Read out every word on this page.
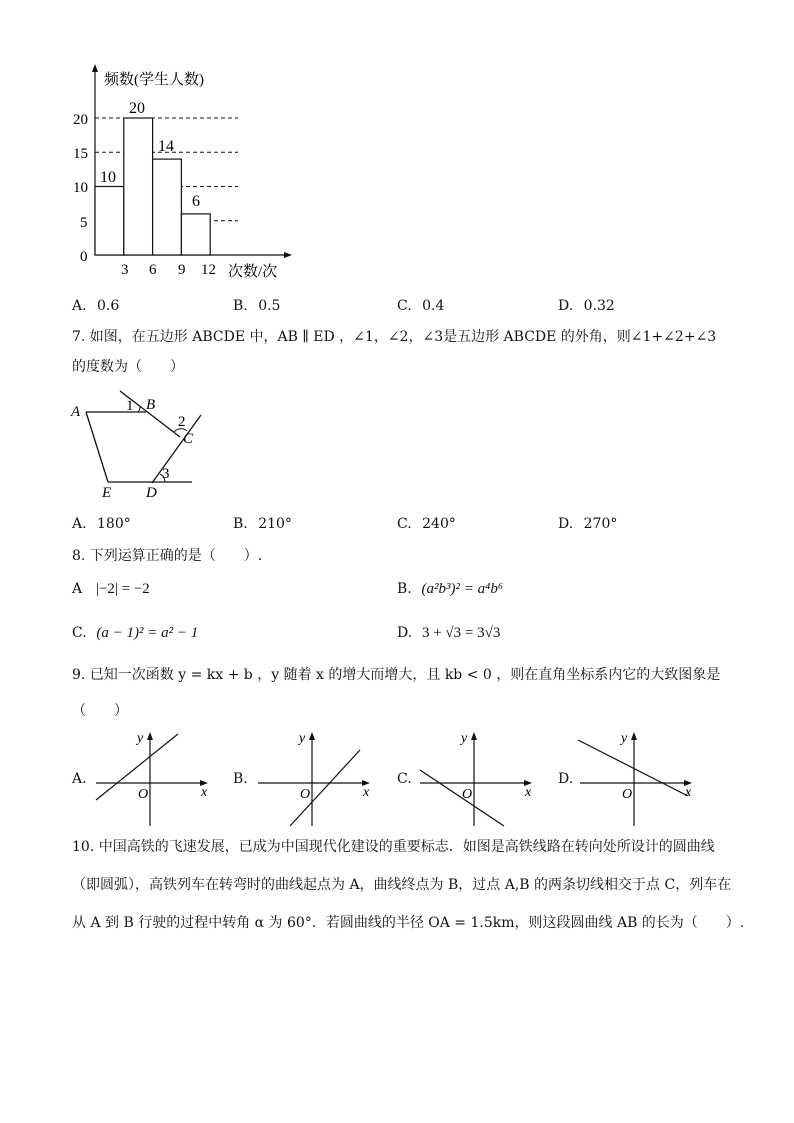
频数(学生人数)
次数/次
0
5
10
15
20
3 6 9 12
10
20
14
6
A. 0.6	B. 0.5	C. 0.4	D. 0.32
7. 如图，在五边形 ABCDE 中，AB ∥ ED ，∠1，∠2，∠3是五边形 ABCDE 的外角，则∠1+∠2+∠3
的度数为（　　）
A	B
C
D
E
1
2
3
A. 180°	B. 210°	C. 240°	D. 270°
8. 下列运算正确的是（　　）.
A |−2| = −2	B. (a²b³)² = a⁴b⁶
C. (a − 1)² = a² − 1	D. 3 + √3 = 3√3
9. 已知一次函数 y = kx + b ，y 随着 x 的增大而增大，且 kb < 0 ，则在直角坐标系内它的大致图象是
（　　）
A.
y
x
O
B.
y
x
O
C.
y
x
O
D.
y
x
O
10. 中国高铁的飞速发展，已成为中国现代化建设的重要标志．如图是高铁线路在转向处所设计的圆曲线
（即圆弧），高铁列车在转弯时的曲线起点为 A，曲线终点为 B，过点 A,B 的两条切线相交于点 C，列车在
从 A 到 B 行驶的过程中转角 α 为 60°．若圆曲线的半径 OA = 1.5km，则这段圆曲线 AB 的长为（　　）.
